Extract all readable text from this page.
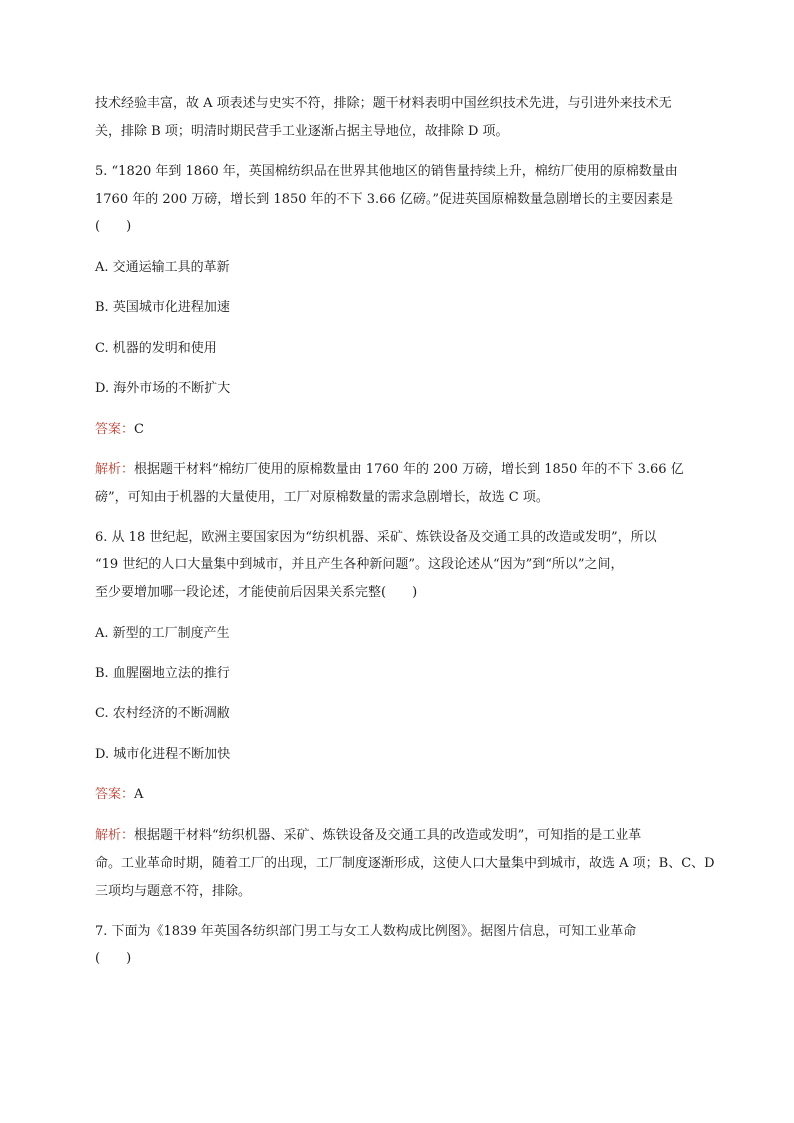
技术经验丰富，故 A 项表述与史实不符，排除；题干材料表明中国丝织技术先进，与引进外来技术无
关，排除 B 项；明清时期民营手工业逐渐占据主导地位，故排除 D 项。
5. “1820 年到 1860 年，英国棉纺织品在世界其他地区的销售量持续上升，棉纺厂使用的原棉数量由
1760 年的 200 万磅，增长到 1850 年的不下 3.66 亿磅。”促进英国原棉数量急剧增长的主要因素是
(　　)
A. 交通运输工具的革新
B. 英国城市化进程加速
C. 机器的发明和使用
D. 海外市场的不断扩大
答案：C
解析：根据题干材料“棉纺厂使用的原棉数量由 1760 年的 200 万磅，增长到 1850 年的不下 3.66 亿
磅”，可知由于机器的大量使用，工厂对原棉数量的需求急剧增长，故选 C 项。
6. 从 18 世纪起，欧洲主要国家因为“纺织机器、采矿、炼铁设备及交通工具的改造或发明”，所以
“19 世纪的人口大量集中到城市，并且产生各种新问题”。这段论述从“因为”到“所以”之间，
至少要增加哪一段论述，才能使前后因果关系完整(　　)
A. 新型的工厂制度产生
B. 血腥圈地立法的推行
C. 农村经济的不断凋敝
D. 城市化进程不断加快
答案：A
解析：根据题干材料“纺织机器、采矿、炼铁设备及交通工具的改造或发明”，可知指的是工业革
命。工业革命时期，随着工厂的出现，工厂制度逐渐形成，这使人口大量集中到城市，故选 A 项；B、C、D
三项均与题意不符，排除。
7. 下面为《1839 年英国各纺织部门男工与女工人数构成比例图》。据图片信息，可知工业革命
(　　)
